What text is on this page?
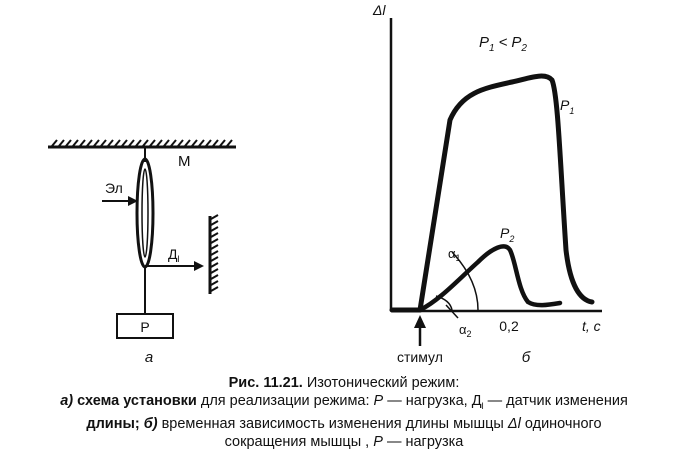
Р
Эл
М
$Д_l$
а
Δl
t, с
0,2
$P_1 < P_2$
$P_1$
$P_2$
$\alpha_1$
$\alpha_2$
стимул	б
Рис. 11.21. Изотонический режим:
а) схема установки для реализации режима: Р — нагрузка, $Д_l$ — датчик изменения
длины; б) временная зависимость изменения длины мышцы Δl одиночного
сокращения мышцы , Р — нагрузка
